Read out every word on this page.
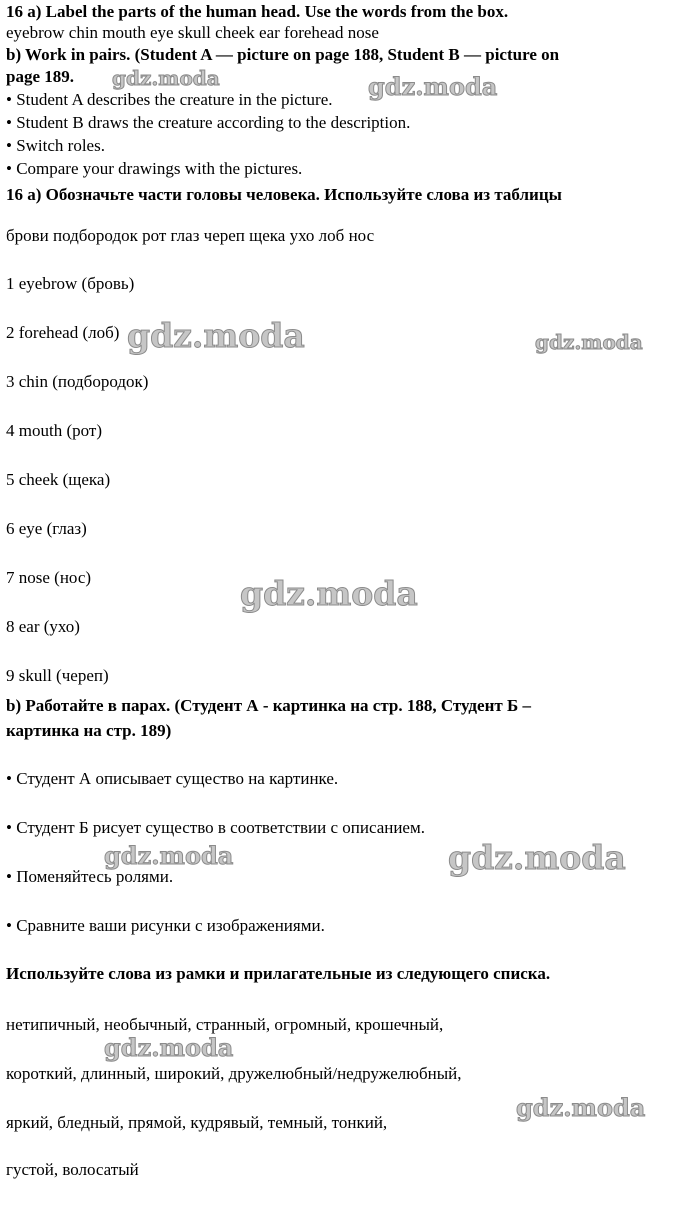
16 a) Label the parts of the human head. Use the words from the box.
eyebrow chin mouth eye skull cheek ear forehead nose
b) Work in pairs. (Student A — picture on page 188, Student B — picture on
page 189.
• Student A describes the creature in the picture.
• Student B draws the creature according to the description.
• Switch roles.
• Compare your drawings with the pictures.
16 а) Обозначьте части головы человека. Используйте слова из таблицы
брови подбородок рот глаз череп щека ухо лоб нос
1 eyebrow (бровь)
2 forehead (лоб)
3 chin (подбородок)
4 mouth (рот)
5 cheek (щека)
6 eye (глаз)
7 nose (нос)
8 ear (ухо)
9 skull (череп)
b) Работайте в парах. (Студент А - картинка на стр. 188, Студент Б –
картинка на стр. 189)
• Студент А описывает существо на картинке.
• Студент Б рисует существо в соответствии с описанием.
• Поменяйтесь ролями.
• Сравните ваши рисунки с изображениями.
Используйте слова из рамки и прилагательные из следующего списка.
нетипичный, необычный, странный, огромный, крошечный,
короткий, длинный, широкий, дружелюбный/недружелюбный,
яркий, бледный, прямой, кудрявый, темный, тонкий,
густой, волосатый
gdz.moda	gdz.moda
gdz.moda	gdz.moda
gdz.moda
gdz.moda	gdz.moda
gdz.moda
gdz.moda
